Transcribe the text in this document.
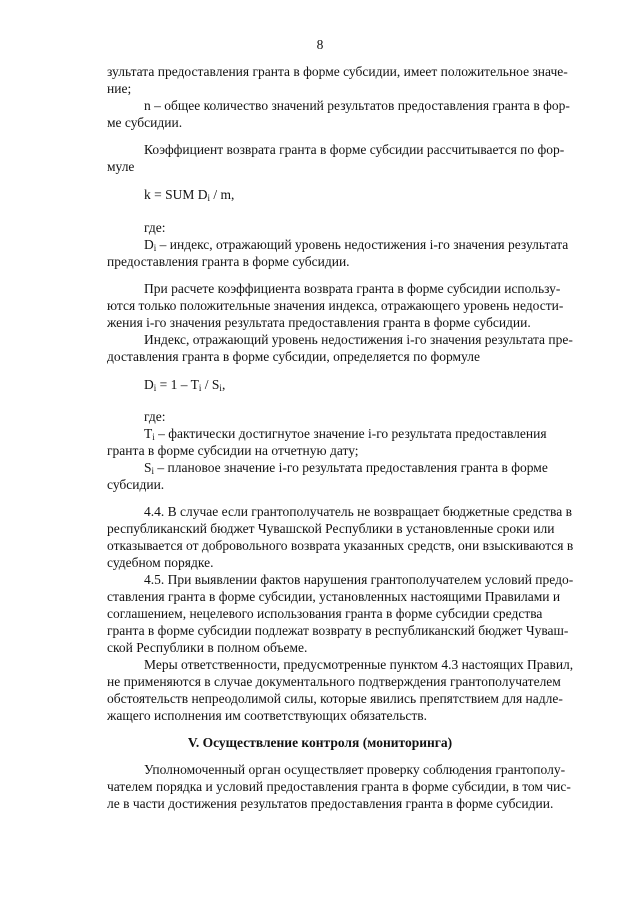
8
зультата предоставления гранта в форме субсидии, имеет положительное значе-
ние;
n – общее количество значений результатов предоставления гранта в фор-
ме субсидии.
Коэффициент возврата гранта в форме субсидии рассчитывается по фор-
муле
k = SUM $D_i$ / m,
где:
$D_i$ – индекс, отражающий уровень недостижения i-го значения результата
предоставления гранта в форме субсидии.
При расчете коэффициента возврата гранта в форме субсидии использу-
ются только положительные значения индекса, отражающего уровень недости-
жения i-го значения результата предоставления гранта в форме субсидии.
Индекс, отражающий уровень недостижения i-го значения результата пре-
доставления гранта в форме субсидии, определяется по формуле
$D_i = 1 - T_i / S_i$,
где:
$T_i$ – фактически достигнутое значение i-го результата предоставления
гранта в форме субсидии на отчетную дату;
$S_i$ – плановое значение i-го результата предоставления гранта в форме
субсидии.
4.4. В случае если грантополучатель не возвращает бюджетные средства в
республиканский бюджет Чувашской Республики в установленные сроки или
отказывается от добровольного возврата указанных средств, они взыскиваются в
судебном порядке.
4.5. При выявлении фактов нарушения грантополучателем условий предо-
ставления гранта в форме субсидии, установленных настоящими Правилами и
соглашением, нецелевого использования гранта в форме субсидии средства
гранта в форме субсидии подлежат возврату в республиканский бюджет Чуваш-
ской Республики в полном объеме.
Меры ответственности, предусмотренные пунктом 4.3 настоящих Правил,
не применяются в случае документального подтверждения грантополучателем
обстоятельств непреодолимой силы, которые явились препятствием для надле-
жащего исполнения им соответствующих обязательств.
V. Осуществление контроля (мониторинга)
Уполномоченный орган осуществляет проверку соблюдения грантополу-
чателем порядка и условий предоставления гранта в форме субсидии, в том чис-
ле в части достижения результатов предоставления гранта в форме субсидии.
